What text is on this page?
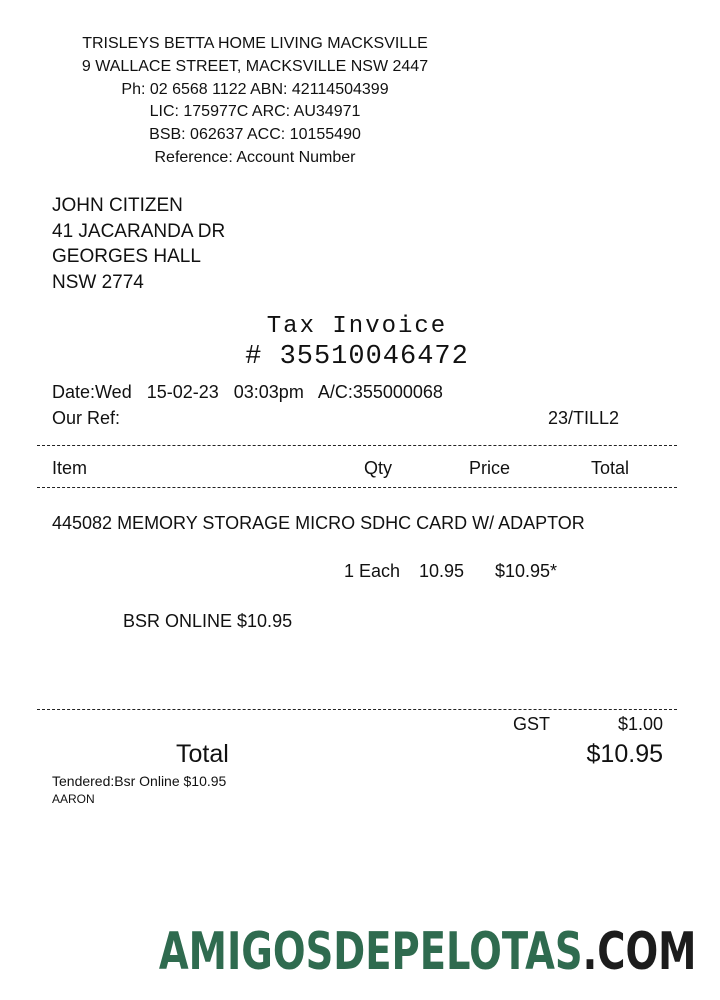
TRISLEYS BETTA HOME LIVING MACKSVILLE
9 WALLACE STREET, MACKSVILLE NSW 2447
Ph: 02 6568 1122 ABN: 42114504399
LIC: 175977C ARC: AU34971
BSB: 062637 ACC: 10155490
Reference: Account Number
JOHN CITIZEN
41 JACARANDA DR
GEORGES HALL
NSW 2774
Tax Invoice
# 35510046472
Date:Wed   15-02-23   03:03pm   A/C:355000068
Our Ref:	23/TILL2
Item	Qty	Price	Total
445082 MEMORY STORAGE MICRO SDHC CARD W/ ADAPTOR
1 Each 10.95 $10.95*
BSR ONLINE $10.95
GST	$1.00
Total	$10.95
Tendered:Bsr Online $10.95
AARON
AMIGOSDEPELOTAS.COM
